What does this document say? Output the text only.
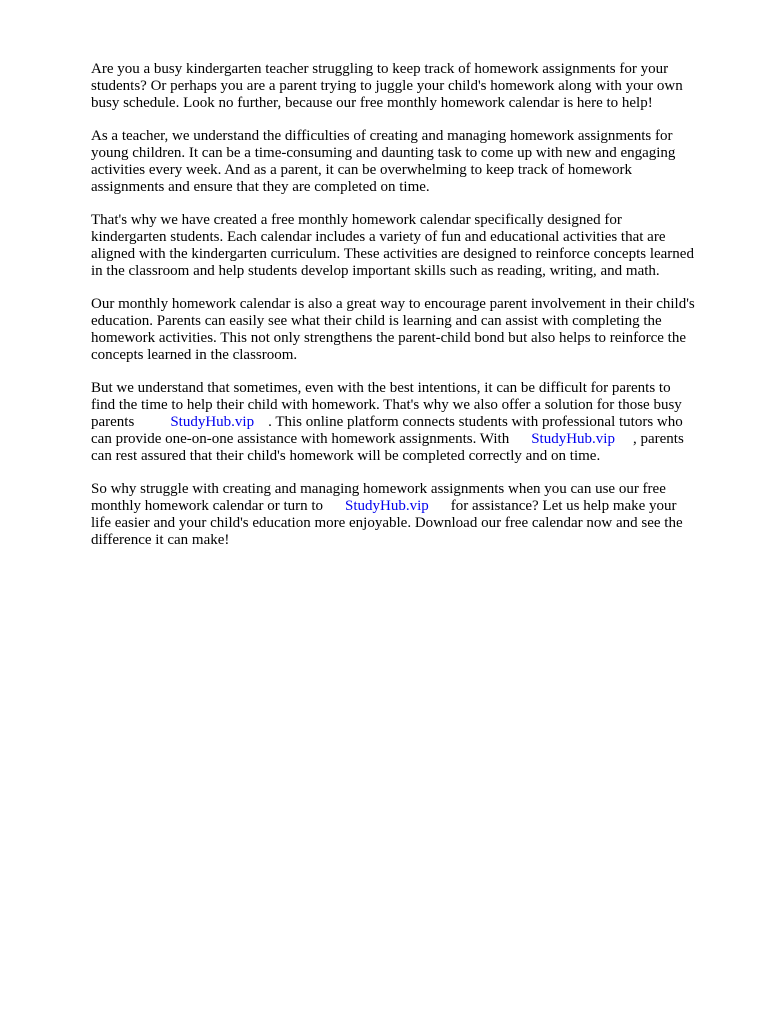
Are you a busy kindergarten teacher struggling to keep track of homework assignments for your
students? Or perhaps you are a parent trying to juggle your child's homework along with your own
busy schedule. Look no further, because our free monthly homework calendar is here to help!

As a teacher, we understand the difficulties of creating and managing homework assignments for
young children. It can be a time-consuming and daunting task to come up with new and engaging
activities every week. And as a parent, it can be overwhelming to keep track of homework
assignments and ensure that they are completed on time.

That's why we have created a free monthly homework calendar specifically designed for
kindergarten students. Each calendar includes a variety of fun and educational activities that are
aligned with the kindergarten curriculum. These activities are designed to reinforce concepts learned
in the classroom and help students develop important skills such as reading, writing, and math.

Our monthly homework calendar is also a great way to encourage parent involvement in their child's
education. Parents can easily see what their child is learning and can assist with completing the
homework activities. This not only strengthens the parent-child bond but also helps to reinforce the
concepts learned in the classroom.

But we understand that sometimes, even with the best intentions, it can be difficult for parents to
find the time to help their child with homework. That's why we also offer a solution for those busy
parents StudyHub.vip . This online platform connects students with professional tutors who
can provide one-on-one assistance with homework assignments. With StudyHub.vip , parents
can rest assured that their child's homework will be completed correctly and on time.

So why struggle with creating and managing homework assignments when you can use our free
monthly homework calendar or turn to StudyHub.vip for assistance? Let us help make your
life easier and your child's education more enjoyable. Download our free calendar now and see the
difference it can make!
